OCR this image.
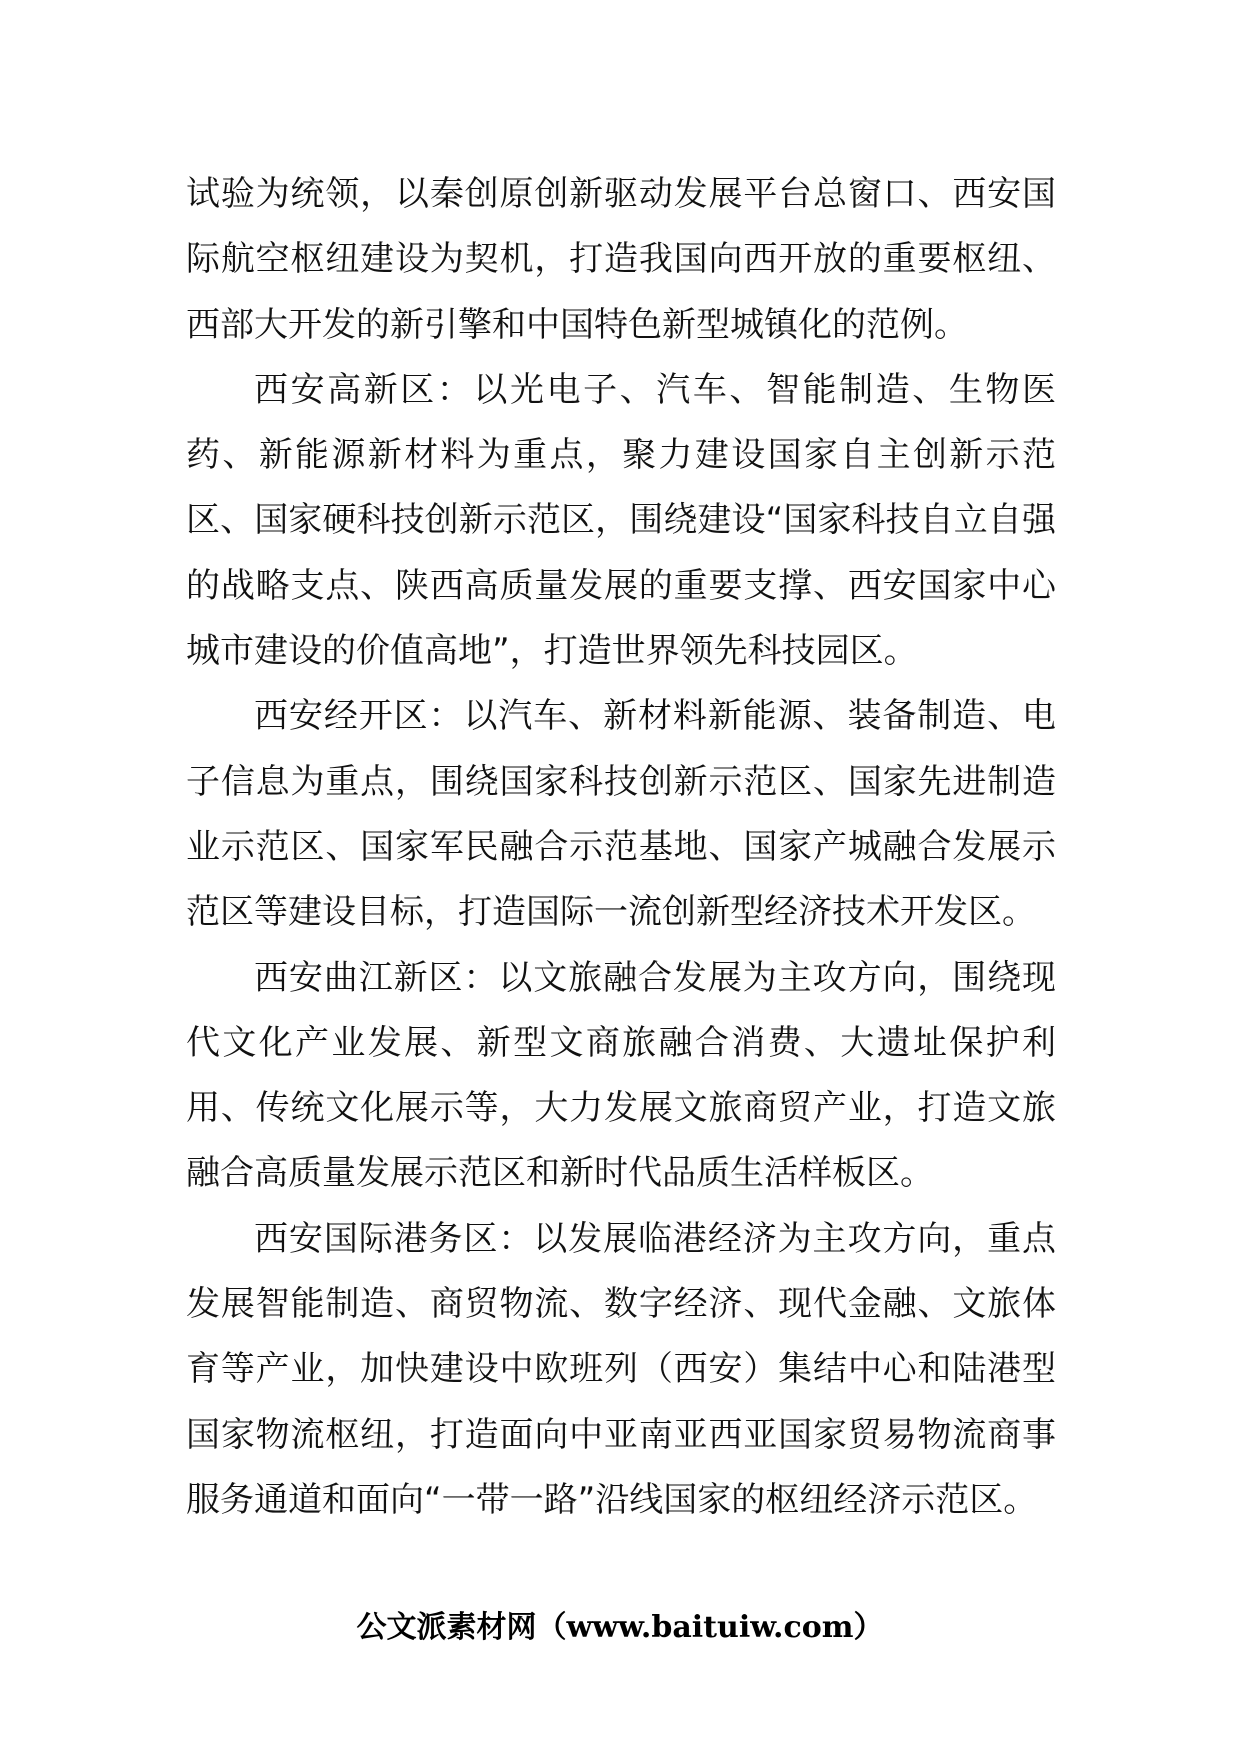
试验为统领，以秦创原创新驱动发展平台总窗口、西安国际航空枢纽建设为契机，打造我国向西开放的重要枢纽、西部大开发的新引擎和中国特色新型城镇化的范例。

西安高新区：以光电子、汽车、智能制造、生物医药、新能源新材料为重点，聚力建设国家自主创新示范区、国家硬科技创新示范区，围绕建设“国家科技自立自强的战略支点、陕西高质量发展的重要支撑、西安国家中心城市建设的价值高地”，打造世界领先科技园区。

西安经开区：以汽车、新材料新能源、装备制造、电子信息为重点，围绕国家科技创新示范区、国家先进制造业示范区、国家军民融合示范基地、国家产城融合发展示范区等建设目标，打造国际一流创新型经济技术开发区。

西安曲江新区：以文旅融合发展为主攻方向，围绕现代文化产业发展、新型文商旅融合消费、大遗址保护利用、传统文化展示等，大力发展文旅商贸产业，打造文旅融合高质量发展示范区和新时代品质生活样板区。

西安国际港务区：以发展临港经济为主攻方向，重点发展智能制造、商贸物流、数字经济、现代金融、文旅体育等产业，加快建设中欧班列（西安）集结中心和陆港型国家物流枢纽，打造面向中亚南亚西亚国家贸易物流商事服务通道和面向“一带一路”沿线国家的枢纽经济示范区。

公文派素材网（www.baituiw.com）
